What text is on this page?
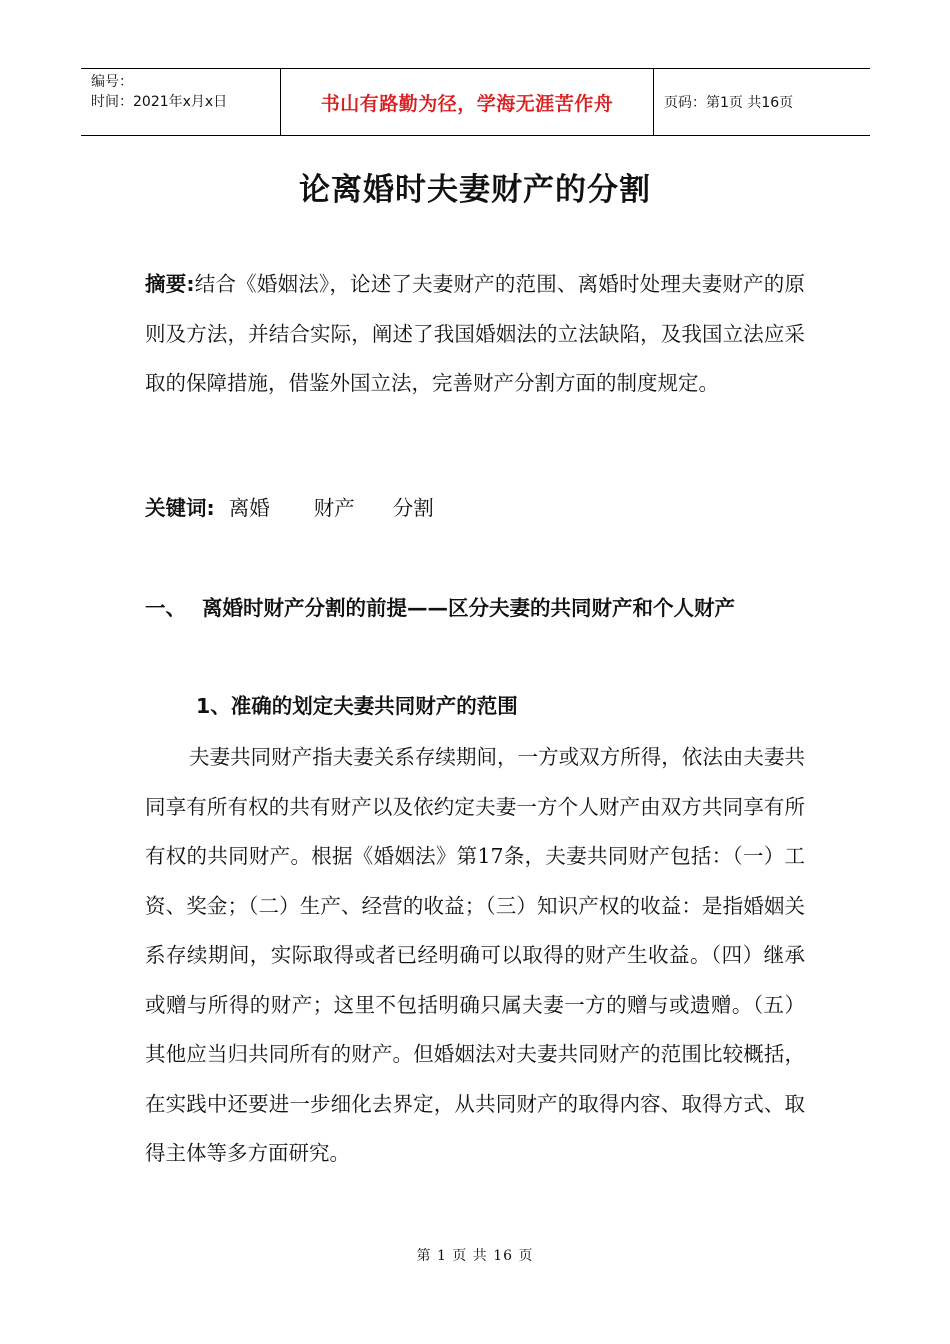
编号：
时间：2021年x月x日	书山有路勤为径，学海无涯苦作舟	页码：第1页 共16页
论离婚时夫妻财产的分割
摘要:结合《婚姻法》，论述了夫妻财产的范围、离婚时处理夫妻财产的原则及方法，并结合实际，阐述了我国婚姻法的立法缺陷，及我国立法应采取的保障措施，借鉴外国立法，完善财产分割方面的制度规定。
关键词: 离婚 财产 分割
一、 离婚时财产分割的前提——区分夫妻的共同财产和个人财产
1、准确的划定夫妻共同财产的范围
夫妻共同财产指夫妻关系存续期间，一方或双方所得，依法由夫妻共同享有所有权的共有财产以及依约定夫妻一方个人财产由双方共同享有所有权的共同财产。根据《婚姻法》第17条，夫妻共同财产包括：（一）工资、奖金；（二）生产、经营的收益；（三）知识产权的收益：是指婚姻关系存续期间，实际取得或者已经明确可以取得的财产生收益。（四）继承或赠与所得的财产；这里不包括明确只属夫妻一方的赠与或遗赠。（五）其他应当归共同所有的财产。但婚姻法对夫妻共同财产的范围比较概括，在实践中还要进一步细化去界定，从共同财产的取得内容、取得方式、取得主体等多方面研究。
第 1 页 共 16 页
